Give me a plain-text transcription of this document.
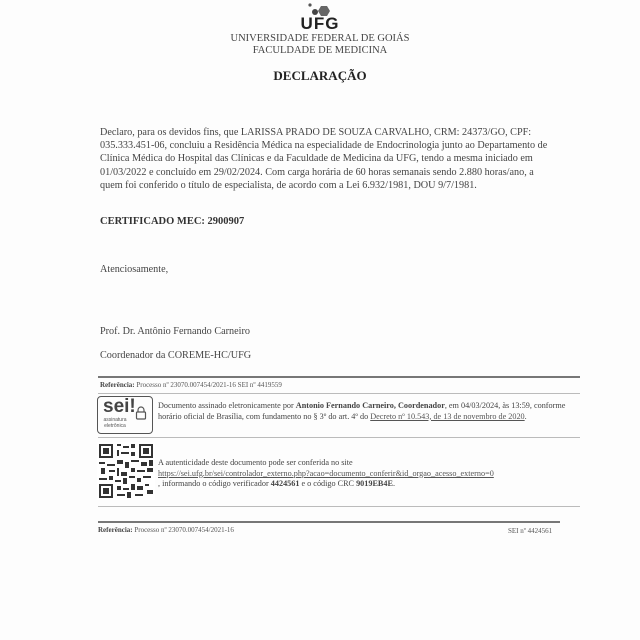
UFG
UNIVERSIDADE FEDERAL DE GOIÁS
FACULDADE DE MEDICINA
DECLARAÇÃO
Declaro, para os devidos fins, que LARISSA PRADO DE SOUZA CARVALHO, CRM: 24373/GO, CPF: 035.333.451-06, concluiu a Residência Médica na especialidade de Endocrinologia junto ao Departamento de Clínica Médica do Hospital das Clínicas e da Faculdade de Medicina da UFG, tendo a mesma iniciado em 01/03/2022 e concluído em 29/02/2024. Com carga horária de 60 horas semanais sendo 2.880 horas/ano, a quem foi conferido o título de especialista, de acordo com a Lei 6.932/1981, DOU 9/7/1981.
CERTIFICADO MEC: 2900907
Atenciosamente,
Prof. Dr. Antônio Fernando Carneiro
Coordenador da COREME-HC/UFG
Referência: Processo nº 23070.007454/2021-16 SEI nº 4419559
sei!
assinatura
eletrônica
Documento assinado eletronicamente por Antonio Fernando Carneiro, Coordenador, em 04/03/2024, às 13:59, conforme horário oficial de Brasília, com fundamento no § 3º do art. 4º do Decreto nº 10.543, de 13 de novembro de 2020.
A autenticidade deste documento pode ser conferida no site
https://sei.ufg.br/sei/controlador_externo.php?acao=documento_conferir&id_orgao_acesso_externo=0
, informando o código verificador 4424561 e o código CRC 9019EB4E.
Referência: Processo nº 23070.007454/2021-16	SEI nº 4424561
